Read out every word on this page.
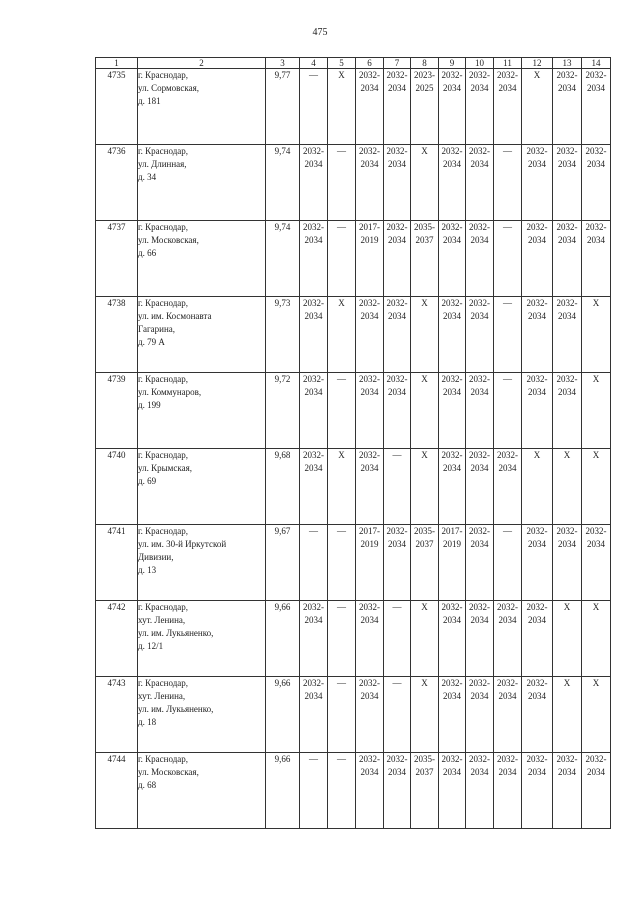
475
1	2	3	4	5	6	7	8	9	10	11	12	13	14
4735	г. Краснодар,
ул. Сормовская,
д. 181	9,77	—	X	2032-
2034	2032-
2034	2023-
2025	2032-
2034	2032-
2034	2032-
2034	X	2032-
2034	2032-
2034
4736	г. Краснодар,
ул. Длинная,
д. 34	9,74	2032-
2034	—	2032-
2034	2032-
2034	X	2032-
2034	2032-
2034	—	2032-
2034	2032-
2034	2032-
2034
4737	г. Краснодар,
ул. Московская,
д. 66	9,74	2032-
2034	—	2017-
2019	2032-
2034	2035-
2037	2032-
2034	2032-
2034	—	2032-
2034	2032-
2034	2032-
2034
4738	г. Краснодар,
ул. им. Космонавта
Гагарина,
д. 79 А	9,73	2032-
2034	X	2032-
2034	2032-
2034	X	2032-
2034	2032-
2034	—	2032-
2034	2032-
2034	X
4739	г. Краснодар,
ул. Коммунаров,
д. 199	9,72	2032-
2034	—	2032-
2034	2032-
2034	X	2032-
2034	2032-
2034	—	2032-
2034	2032-
2034	X
4740	г. Краснодар,
ул. Крымская,
д. 69	9,68	2032-
2034	X	2032-
2034	—	X	2032-
2034	2032-
2034	2032-
2034	X	X	X
4741	г. Краснодар,
ул. им. 30-й Иркутской
Дивизии,
д. 13	9,67	—	—	2017-
2019	2032-
2034	2035-
2037	2017-
2019	2032-
2034	—	2032-
2034	2032-
2034	2032-
2034
4742	г. Краснодар,
хут. Ленина,
ул. им. Лукьяненко,
д. 12/1	9,66	2032-
2034	—	2032-
2034	—	X	2032-
2034	2032-
2034	2032-
2034	2032-
2034	X	X
4743	г. Краснодар,
хут. Ленина,
ул. им. Лукьяненко,
д. 18	9,66	2032-
2034	—	2032-
2034	—	X	2032-
2034	2032-
2034	2032-
2034	2032-
2034	X	X
4744	г. Краснодар,
ул. Московская,
д. 68	9,66	—	—	2032-
2034	2032-
2034	2035-
2037	2032-
2034	2032-
2034	2032-
2034	2032-
2034	2032-
2034	2032-
2034
